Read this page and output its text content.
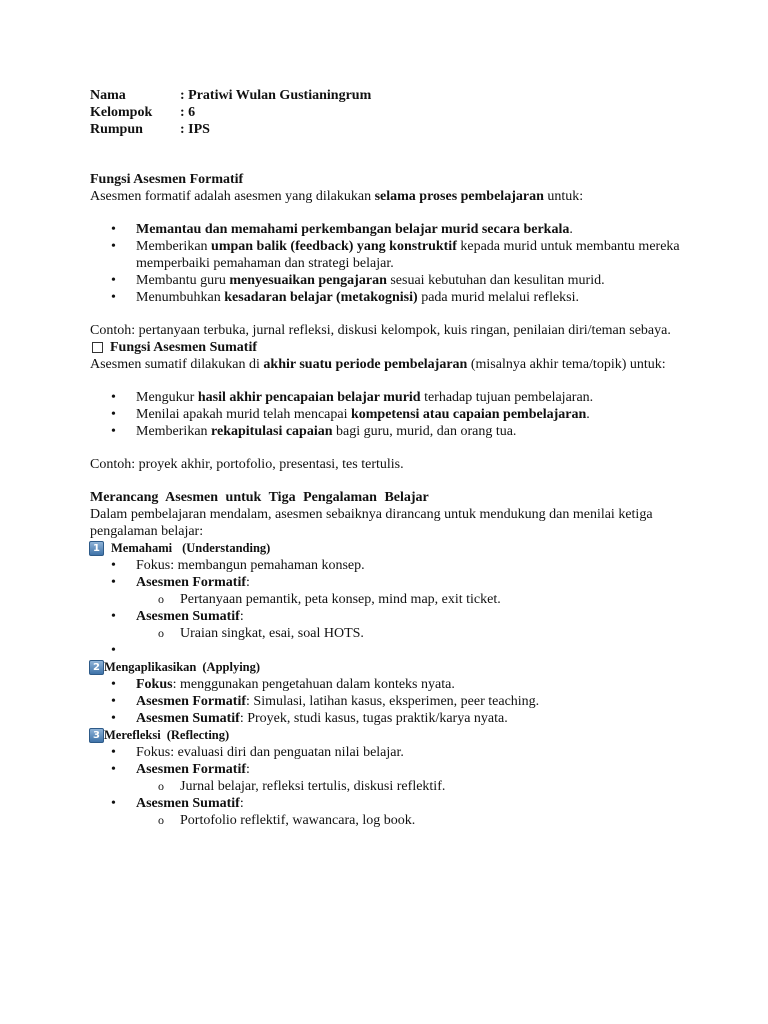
Nama	: Pratiwi Wulan Gustianingrum
Kelompok	: 6
Rumpun	: IPS

Fungsi Asesmen Formatif

Asesmen formatif adalah asesmen yang dilakukan selama proses pembelajaran untuk:

• Memantau dan memahami perkembangan belajar murid secara berkala.
• Memberikan umpan balik (feedback) yang konstruktif kepada murid untuk membantu mereka memperbaiki pemahaman dan strategi belajar.
• Membantu guru menyesuaikan pengajaran sesuai kebutuhan dan kesulitan murid.
• Menumbuhkan kesadaran belajar (metakognisi) pada murid melalui refleksi.

Contoh: pertanyaan terbuka, jurnal refleksi, diskusi kelompok, kuis ringan, penilaian diri/teman sebaya.

Fungsi Asesmen Sumatif

Asesmen sumatif dilakukan di akhir suatu periode pembelajaran (misalnya akhir tema/topik) untuk:

• Mengukur hasil akhir pencapaian belajar murid terhadap tujuan pembelajaran.
• Menilai apakah murid telah mencapai kompetensi atau capaian pembelajaran.
• Memberikan rekapitulasi capaian bagi guru, murid, dan orang tua.

Contoh: proyek akhir, portofolio, presentasi, tes tertulis.

Merancang Asesmen untuk Tiga Pengalaman Belajar

Dalam pembelajaran mendalam, asesmen sebaiknya dirancang untuk mendukung dan menilai ketiga pengalaman belajar:

1 Memahami (Understanding)
• Fokus: membangun pemahaman konsep.
• Asesmen Formatif:
o Pertanyaan pemantik, peta konsep, mind map, exit ticket.
• Asesmen Sumatif:
o Uraian singkat, esai, soal HOTS.
•
2 Mengaplikasikan (Applying)
• Fokus: menggunakan pengetahuan dalam konteks nyata.
• Asesmen Formatif: Simulasi, latihan kasus, eksperimen, peer teaching.
• Asesmen Sumatif: Proyek, studi kasus, tugas praktik/karya nyata.
3 Merefleksi (Reflecting)
• Fokus: evaluasi diri dan penguatan nilai belajar.
• Asesmen Formatif:
o Jurnal belajar, refleksi tertulis, diskusi reflektif.
• Asesmen Sumatif:
o Portofolio reflektif, wawancara, log book.
